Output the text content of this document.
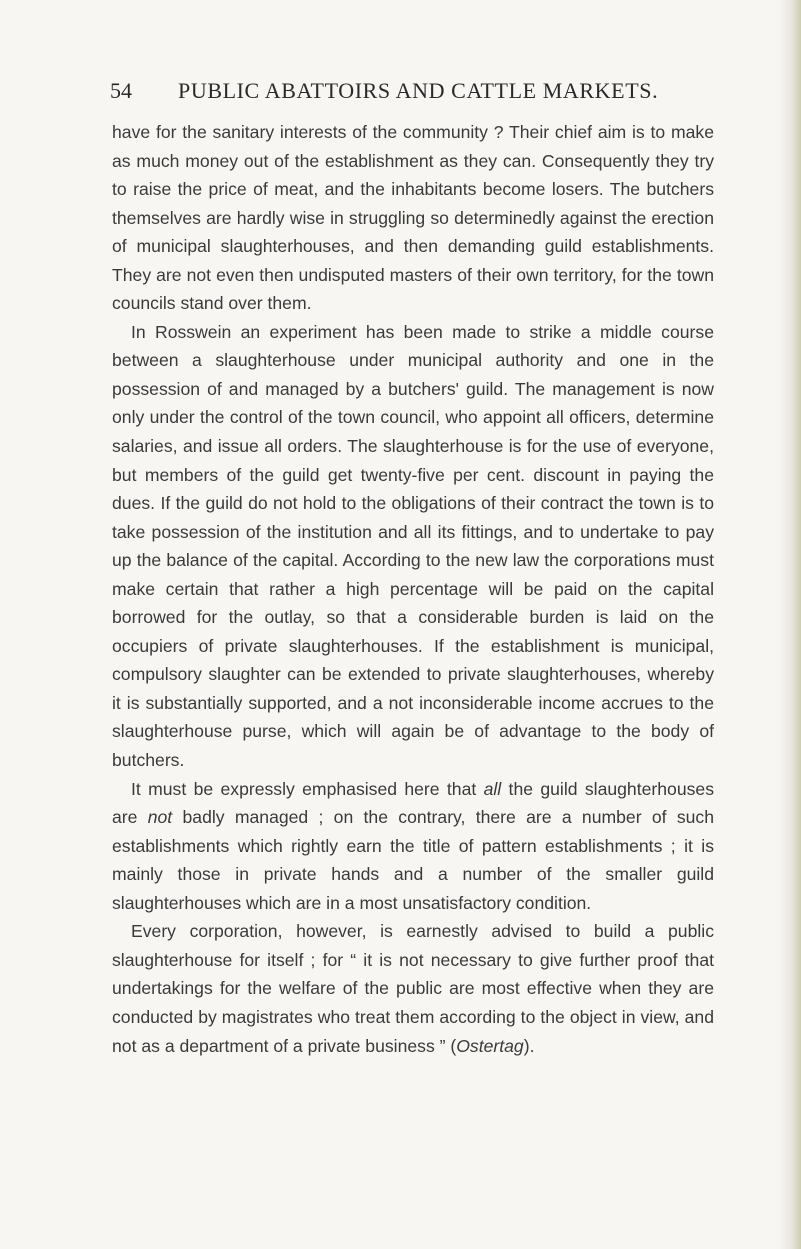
54 PUBLIC ABATTOIRS AND CATTLE MARKETS.

have for the sanitary interests of the community ? Their chief aim is to make as much money out of the establishment as they can. Consequently they try to raise the price of meat, and the inhabitants become losers. The butchers themselves are hardly wise in struggling so determinedly against the erection of municipal slaughterhouses, and then demanding guild establishments. They are not even then undisputed masters of their own territory, for the town councils stand over them.

In Rosswein an experiment has been made to strike a middle course between a slaughterhouse under municipal authority and one in the possession of and managed by a butchers' guild. The management is now only under the control of the town council, who appoint all officers, determine salaries, and issue all orders. The slaughterhouse is for the use of everyone, but members of the guild get twenty-five per cent. discount in paying the dues. If the guild do not hold to the obligations of their contract the town is to take possession of the institution and all its fittings, and to undertake to pay up the balance of the capital. According to the new law the corporations must make certain that rather a high percentage will be paid on the capital borrowed for the outlay, so that a considerable burden is laid on the occupiers of private slaughterhouses. If the establishment is municipal, compulsory slaughter can be extended to private slaughterhouses, whereby it is substantially supported, and a not inconsiderable income accrues to the slaughterhouse purse, which will again be of advantage to the body of butchers.

It must be expressly emphasised here that all the guild slaughterhouses are not badly managed ; on the contrary, there are a number of such establishments which rightly earn the title of pattern establishments ; it is mainly those in private hands and a number of the smaller guild slaughterhouses which are in a most unsatisfactory condition.

Every corporation, however, is earnestly advised to build a public slaughterhouse for itself ; for “ it is not necessary to give further proof that undertakings for the welfare of the public are most effective when they are conducted by magistrates who treat them according to the object in view, and not as a department of a private business ” (Ostertag).
